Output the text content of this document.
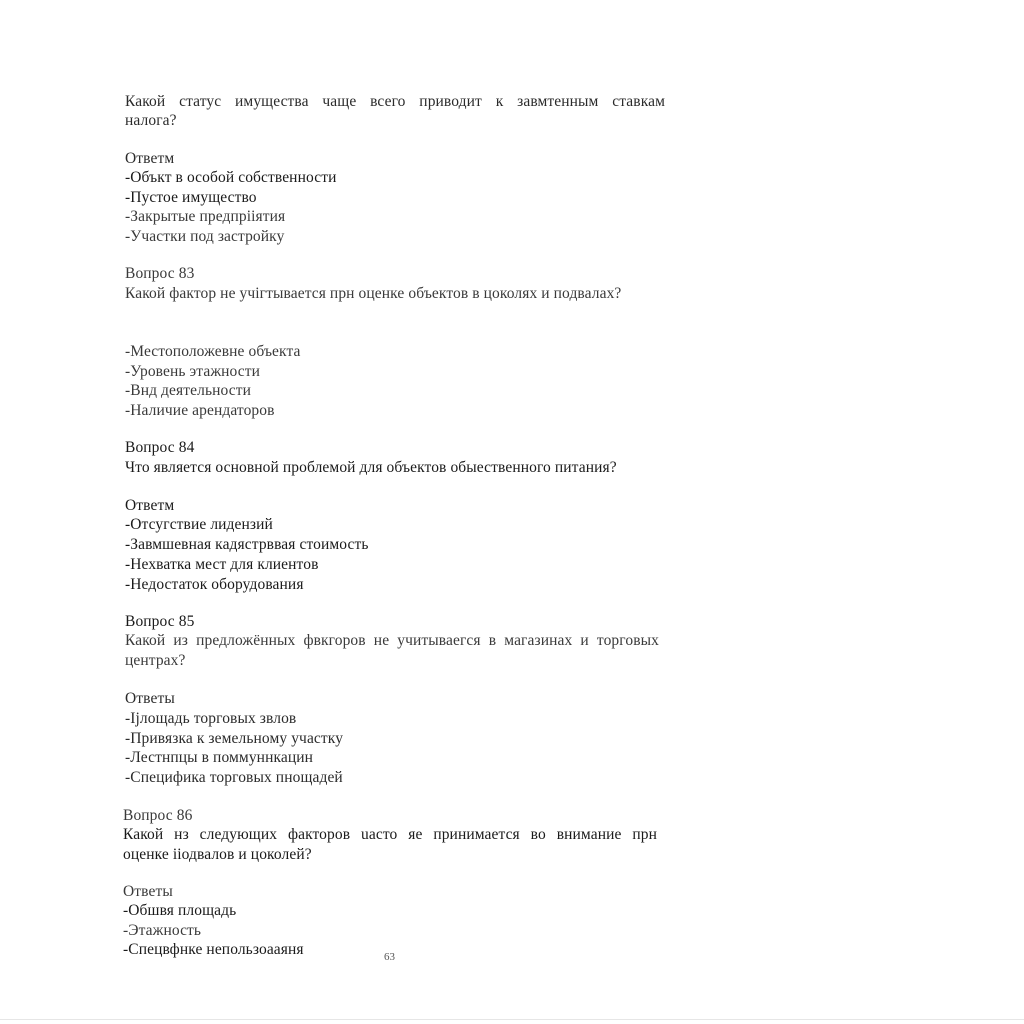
Какой статус имущества чаще всего приводит к завмтенным ставкам
налога?
Ответм
-Объкт в особой собственности
-Пустое имущество
-Закрытые предпрііятия
-Участки под застройку
Вопрос 83
Какой фактор не учігтывается прн оценке объектов в цоколях и подвалах?
-Местоположевне объекта
-Уровень этажности
-Внд деятельности
-Наличие арендаторов
Вопрос 84
Что является основной проблемой для объектов обыественного питания?
Ответм
-Отсугствие лидензий
-Завмшевная кадястрввая стоимость
-Нехватка мест для клиентов
-Недостаток оборудования
Вопрос 85
Какой из предложённых фвкгоров не учитываегся в магазинах и торговых
центрах?
Ответы
-Ijлощадь торговых звлов
-Привязка к земельному участку
-Лестнпцы в поммуннкацин
-Специфика торговых пнощадей
Вопрос 86
Какой нз следующих факторов uасто яе принимается во внимание прн
оценке iiодвалов и цоколей?
Ответы
-Обшвя площадь
-Этажность
-Спецвфнке непользоааяня	63
